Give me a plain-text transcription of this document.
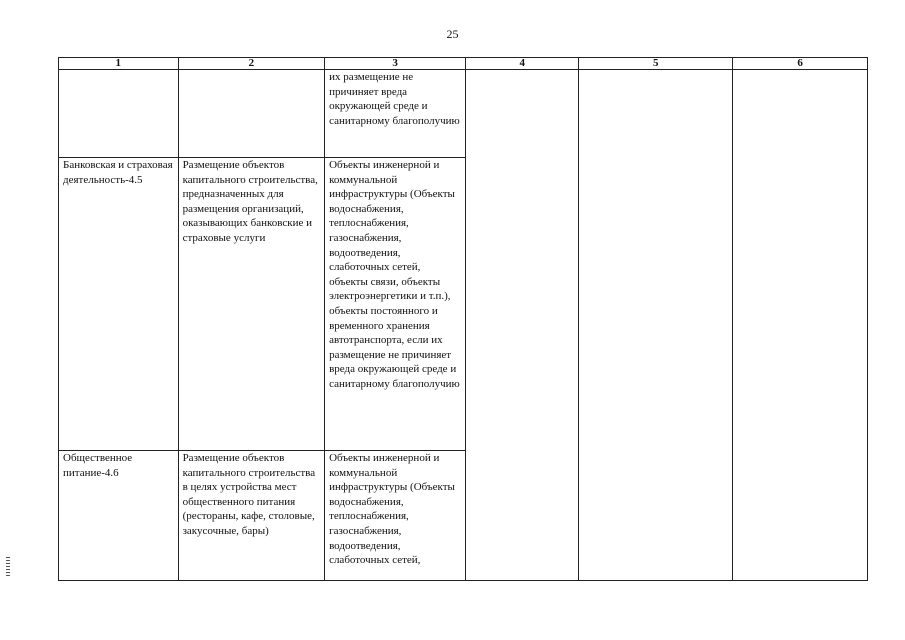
25
1	2	3	4	5	6
		их размещение не причиняет вреда окружающей среде и санитарному благополучию			
Банковская и страховая деятельность-4.5	Размещение объектов капитального строительства, предназначенных для размещения организаций, оказывающих банковские и страховые услуги	Объекты инженерной и коммунальной инфраструктуры (Объекты водоснабжения, теплоснабжения, газоснабжения, водоотведения, слаботочных сетей, объекты связи, объекты электроэнергетики и т.п.), объекты постоянного и временного хранения автотранспорта, если их размещение не причиняет вреда окружающей среде и санитарному благополучию			
Общественное питание-4.6	Размещение объектов капитального строительства в целях устройства мест общественного питания (рестораны, кафе, столовые, закусочные, бары)	Объекты инженерной и коммунальной инфраструктуры (Объекты водоснабжения, теплоснабжения, газоснабжения, водоотведения, слаботочных сетей,			
